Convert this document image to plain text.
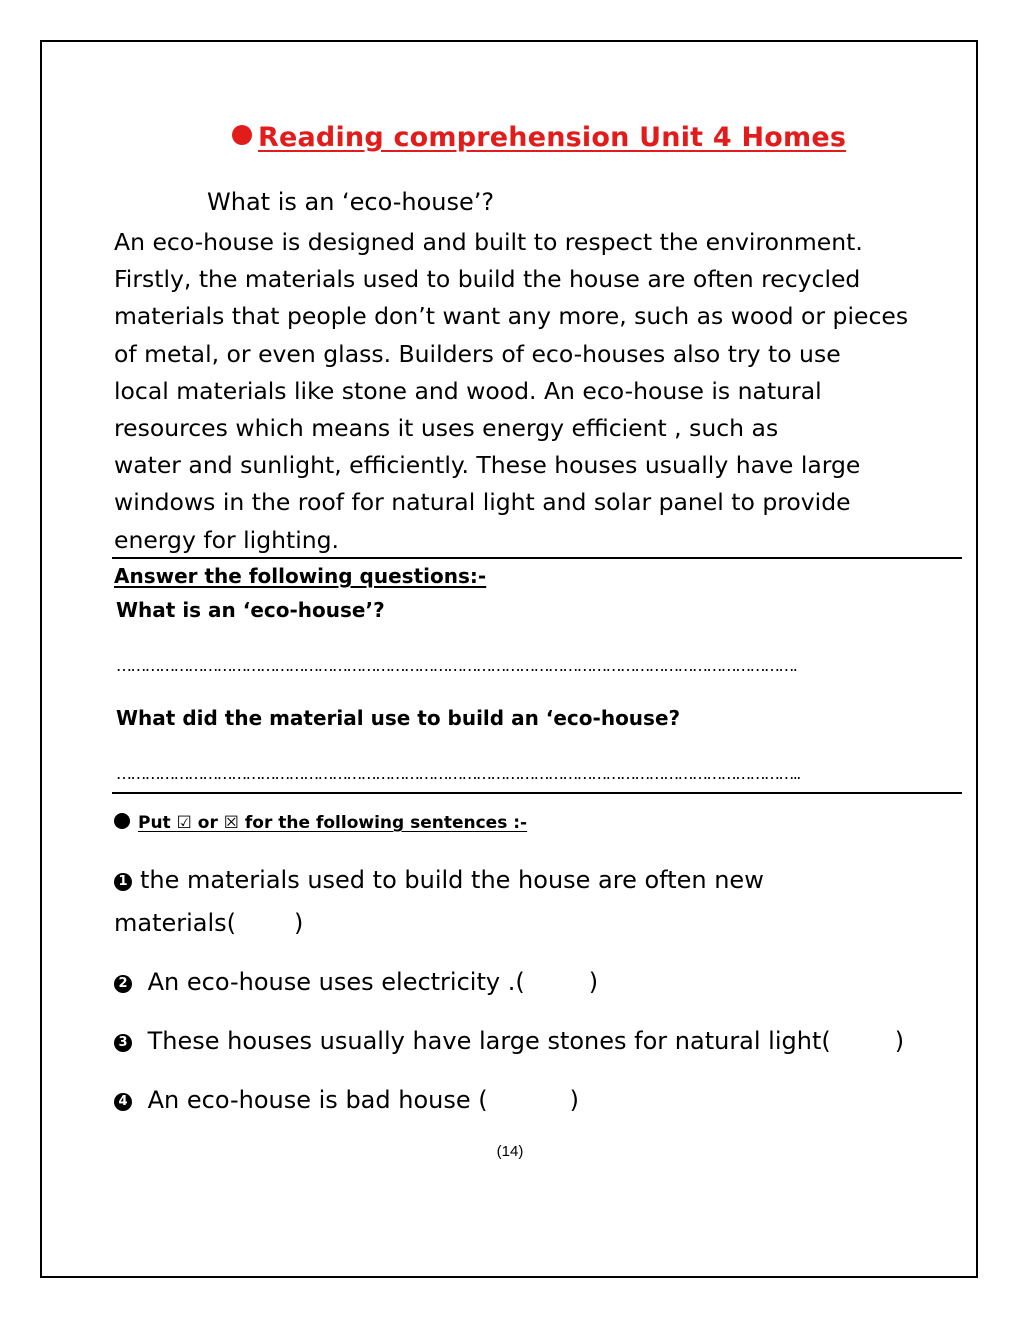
Reading comprehension Unit 4 Homes
What is an ‘eco-house’?
An eco-house is designed and built to respect the environment.
Firstly, the materials used to build the house are often recycled
materials that people don’t want any more, such as wood or pieces
of metal, or even glass. Builders of eco-houses also try to use
local materials like stone and wood. An eco-house is natural
resources which means it uses energy efficient , such as
water and sunlight, efficiently. These houses usually have large
windows in the roof for natural light and solar panel to provide
energy for lighting.
Answer the following questions:-
What is an ‘eco-house’?
…………………………………………………………………………………………………………………………….
What did the material use to build an ‘eco-house?
……………………………………………………………………………………………………………………………..
Put ☑ or ☒ for the following sentences :-
1 the materials used to build the house are often new
materials( )
2 An eco-house uses electricity .(	)
3 These houses usually have large stones for natural light(	)
4 An eco-house is bad house (	)
(14)
